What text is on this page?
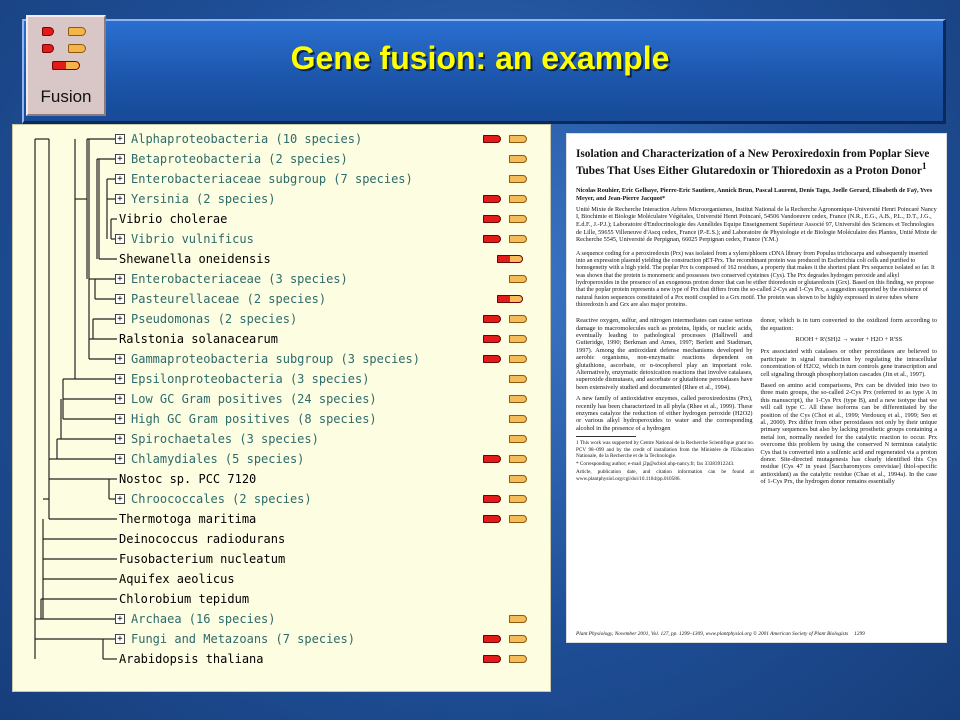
Gene fusion: an example
Fusion
+ Alphaproteobacteria (10 species)
+ Betaproteobacteria (2 species)
+ Enterobacteriaceae subgroup (7 species)
+ Yersinia (2 species)
Vibrio cholerae
+ Vibrio vulnificus
Shewanella oneidensis
+ Enterobacteriaceae (3 species)
+ Pasteurellaceae (2 species)
+ Pseudomonas (2 species)
Ralstonia solanacearum
+ Gammaproteobacteria subgroup (3 species)
+ Epsilonproteobacteria (3 species)
+ Low GC Gram positives (24 species)
+ High GC Gram positives (8 species)
+ Spirochaetales (3 species)
+ Chlamydiales (5 species)
Nostoc sp. PCC 7120
+ Chroococcales (2 species)
Thermotoga maritima
Deinococcus radiodurans
Fusobacterium nucleatum
Aquifex aeolicus
Chlorobium tepidum
+ Archaea (16 species)
+ Fungi and Metazoans (7 species)
Arabidopsis thaliana
Isolation and Characterization of a New Peroxiredoxin from Poplar Sieve Tubes That Uses Either Glutaredoxin or Thioredoxin as a Proton Donor$^1$
Nicolas Rouhier, Eric Gelhaye, Pierre-Eric Sautiere, Annick Brun, Pascal Laurent, Denis Tagu, Joelle Gerard, Elisabeth de Faÿ, Yves Meyer, and Jean-Pierre Jacquot*
Unité Mixte de Recherche Interaction Arbres Microorganismes, Institut National de la Recherche Agronomique-Université Henri Poincaré Nancy I, Biochimie et Biologie Moléculaire Végétales, Université Henri Poincaré, 54506 Vandoeuvre cedex, France (N.R., E.G., A.B., P.L., D.T., J.G., E.d.F., J.-P.J.); Laboratoire d'Endocrinologie des Annélides Equipe Enseignement Supérieur Associé 97, Université des Sciences et Technologies de Lille, 59655 Villeneuve d'Ascq cedex, France (P.-E.S.); and Laboratoire de Physiologie et de Biologie Moléculaire des Plantes, Unité Mixte de Recherche 5545, Université de Perpignan, 66025 Perpignan cedex, France (Y.M.)
A sequence coding for a peroxiredoxin (Prx) was isolated from a xylem/phloem cDNA library from Populus trichocarpa and subsequently inserted into an expression plasmid yielding the construction pET-Prx. The recombinant protein was produced in Escherichia coli cells and purified to homogeneity with a high yield. The poplar Prx is composed of 162 residues, a property that makes it the shortest plant Prx sequence isolated so far. It was shown that the protein is monomeric and possesses two conserved cysteines (Cys). The Prx degrades hydrogen peroxide and alkyl hydroperoxides in the presence of an exogenous proton donor that can be either thioredoxin or glutaredoxin (Grx). Based on this finding, we propose that the poplar protein represents a new type of Prx that differs from the so-called 2-Cys and 1-Cys Prx, a suggestion supported by the existence of natural fusion sequences constituted of a Prx motif coupled to a Grx motif. The protein was shown to be highly expressed in sieve tubes where thioredoxin h and Grx are also major proteins.

Reactive oxygen, sulfur, and nitrogen intermediates can cause serious damage to macromolecules such as proteins, lipids, or nucleic acids, eventually leading to pathological processes (Halliwell and Gutteridge, 1990; Berkman and Ames, 1997; Berlett and Stadtman, 1997). Among the antioxidant defense mechanisms developed by aerobic organisms, non-enzymatic reactions dependent on glutathione, ascorbate, or α-tocopherol play an important role. Alternatively, enzymatic detoxication reactions that involve catalases, superoxide dismutases, and ascorbate or glutathione peroxidases have been extensively studied and documented (Rhee et al., 1994).

A new family of antioxidative enzymes, called peroxiredoxins (Prx), recently has been characterized in all phyla (Rhee et al., 1999). These enzymes catalyze the reduction of either hydrogen peroxide (H2O2) or various alkyl hydroperoxides to water and the corresponding alcohol in the presence of a hydrogen

1 This work was supported by Centre National de la Recherche Scientifique grant no. PCV 98–099 and by the credit of installation from the Ministère de l'Education Nationale, de la Recherche et de la Technologie.
* Corresponding author; e-mail j2p@scbiol.uhp-nancy.fr; fax 33383912243.
Article, publication date, and citation information can be found at www.plantphysiol.org/cgi/doi/10.1104/pp.010586.

donor, which is in turn converted to the oxidized form according to the equation:

ROOH + R'(SH)2 → water + H2O + R'SS

Prx associated with catalases or other peroxidases are believed to participate in signal transduction by regulating the intracellular concentration of H2O2, which in turn controls gene transcription and cell signaling through phosphorylation cascades (Jin et al., 1997).

Based on amino acid comparisons, Prx can be divided into two to three main groups, the so-called 2-Cys Prx (referred to as type A in this manuscript), the 1-Cys Prx (type B), and a new isotype that we will call type C. All these isoforms can be differentiated by the position of the Cys (Choi et al., 1999; Verdoucq et al., 1999; Seo et al., 2000). Prx differ from other peroxidases not only by their unique primary sequences but also by lacking prosthetic groups containing a metal ion, normally needed for the catalytic reaction to occur. Prx overcome this problem by using the conserved N terminus catalytic Cys that is converted into a sulfenic acid and regenerated via a proton donor. Site-directed mutagenesis has clearly identified this Cys residue (Cys 47 in yeast [Saccharomyces cerevisiae] thiol-specific antioxidant) as the catalytic residue (Chae et al., 1994a). In the case of 1-Cys Prx, the hydrogen donor remains essentially

Plant Physiology, November 2001, Vol. 127, pp. 1299–1309, www.plantphysiol.org © 2001 American Society of Plant Biologists 1299
